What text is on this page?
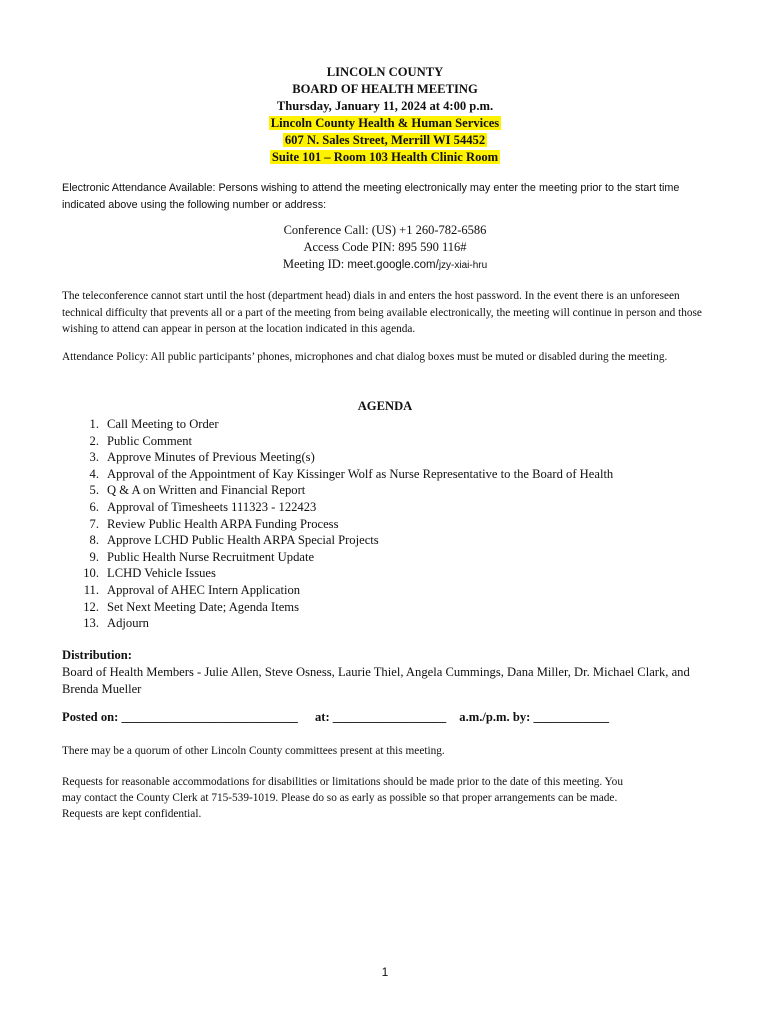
LINCOLN COUNTY
BOARD OF HEALTH MEETING
Thursday, January 11, 2024 at 4:00 p.m.
Lincoln County Health & Human Services
607 N. Sales Street, Merrill WI 54452
Suite 101 – Room 103 Health Clinic Room
Electronic Attendance Available: Persons wishing to attend the meeting electronically may enter the meeting prior to the start time indicated above using the following number or address:
Conference Call: (US) +1 260-782-6586
Access Code PIN: 895 590 116#
Meeting ID: meet.google.com/jzy-xiai-hru
The teleconference cannot start until the host (department head) dials in and enters the host password. In the event there is an unforeseen technical difficulty that prevents all or a part of the meeting from being available electronically, the meeting will continue in person and those wishing to attend can appear in person at the location indicated in this agenda.
Attendance Policy: All public participants’ phones, microphones and chat dialog boxes must be muted or disabled during the meeting.
AGENDA
1. Call Meeting to Order
2. Public Comment
3. Approve Minutes of Previous Meeting(s)
4. Approval of the Appointment of Kay Kissinger Wolf as Nurse Representative to the Board of Health
5. Q & A on Written and Financial Report
6. Approval of Timesheets 111323 - 122423
7. Review Public Health ARPA Funding Process
8. Approve LCHD Public Health ARPA Special Projects
9. Public Health Nurse Recruitment Update
10. LCHD Vehicle Issues
11. Approval of AHEC Intern Application
12. Set Next Meeting Date; Agenda Items
13. Adjourn
Distribution:
Board of Health Members - Julie Allen, Steve Osness, Laurie Thiel, Angela Cummings, Dana Miller, Dr. Michael Clark, and Brenda Mueller
Posted on: ____________________________ at: __________________ a.m./p.m. by: ____________
There may be a quorum of other Lincoln County committees present at this meeting.
Requests for reasonable accommodations for disabilities or limitations should be made prior to the date of this meeting. You may contact the County Clerk at 715-539-1019. Please do so as early as possible so that proper arrangements can be made. Requests are kept confidential.
1
